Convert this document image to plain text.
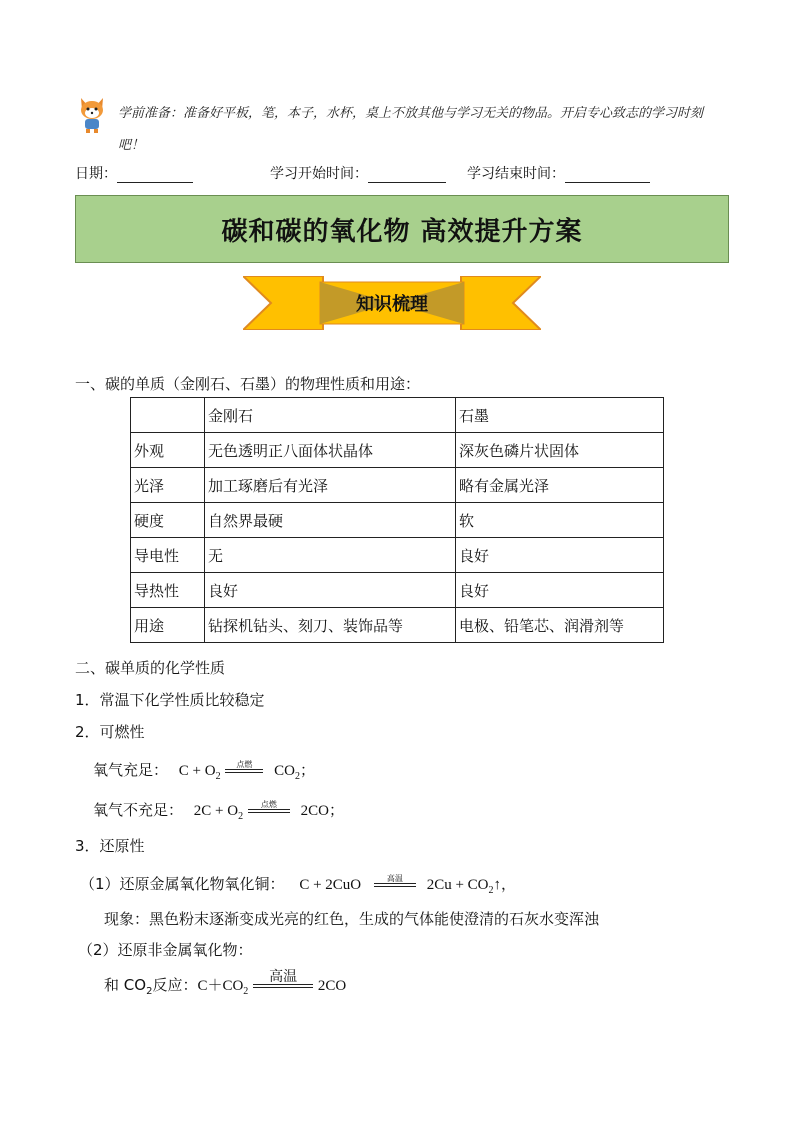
学前准备：准备好平板，笔，本子，水杯，桌上不放其他与学习无关的物品。开启专心致志的学习时刻吧！
日期：	学习开始时间：	学习结束时间：
碳和碳的氧化物 高效提升方案
知识梳理
一、碳的单质（金刚石、石墨）的物理性质和用途：
	金刚石	石墨
外观	无色透明正八面体状晶体	深灰色磷片状固体
光泽	加工琢磨后有光泽	略有金属光泽
硬度	自然界最硬	软
导电性	无	良好
导热性	良好	良好
用途	钻探机钻头、刻刀、装饰品等	电极、铅笔芯、润滑剂等
二、碳单质的化学性质
1．常温下化学性质比较稳定
2．可燃性
氧气充足： $C + O_2$
点燃	$CO_2$；
氧气不充足： $2C + O_2$
点燃	2CO；
3．还原性
（1）还原金属氧化物氧化铜： C + 2CuO	高温	$2Cu + CO_2↑$，
现象：黑色粉末逐渐变成光亮的红色，生成的气体能使澄清的石灰水变浑浊
（2）还原非金属氧化物：
和 $CO_2$反应：$C+CO_2$
高温
2CO
